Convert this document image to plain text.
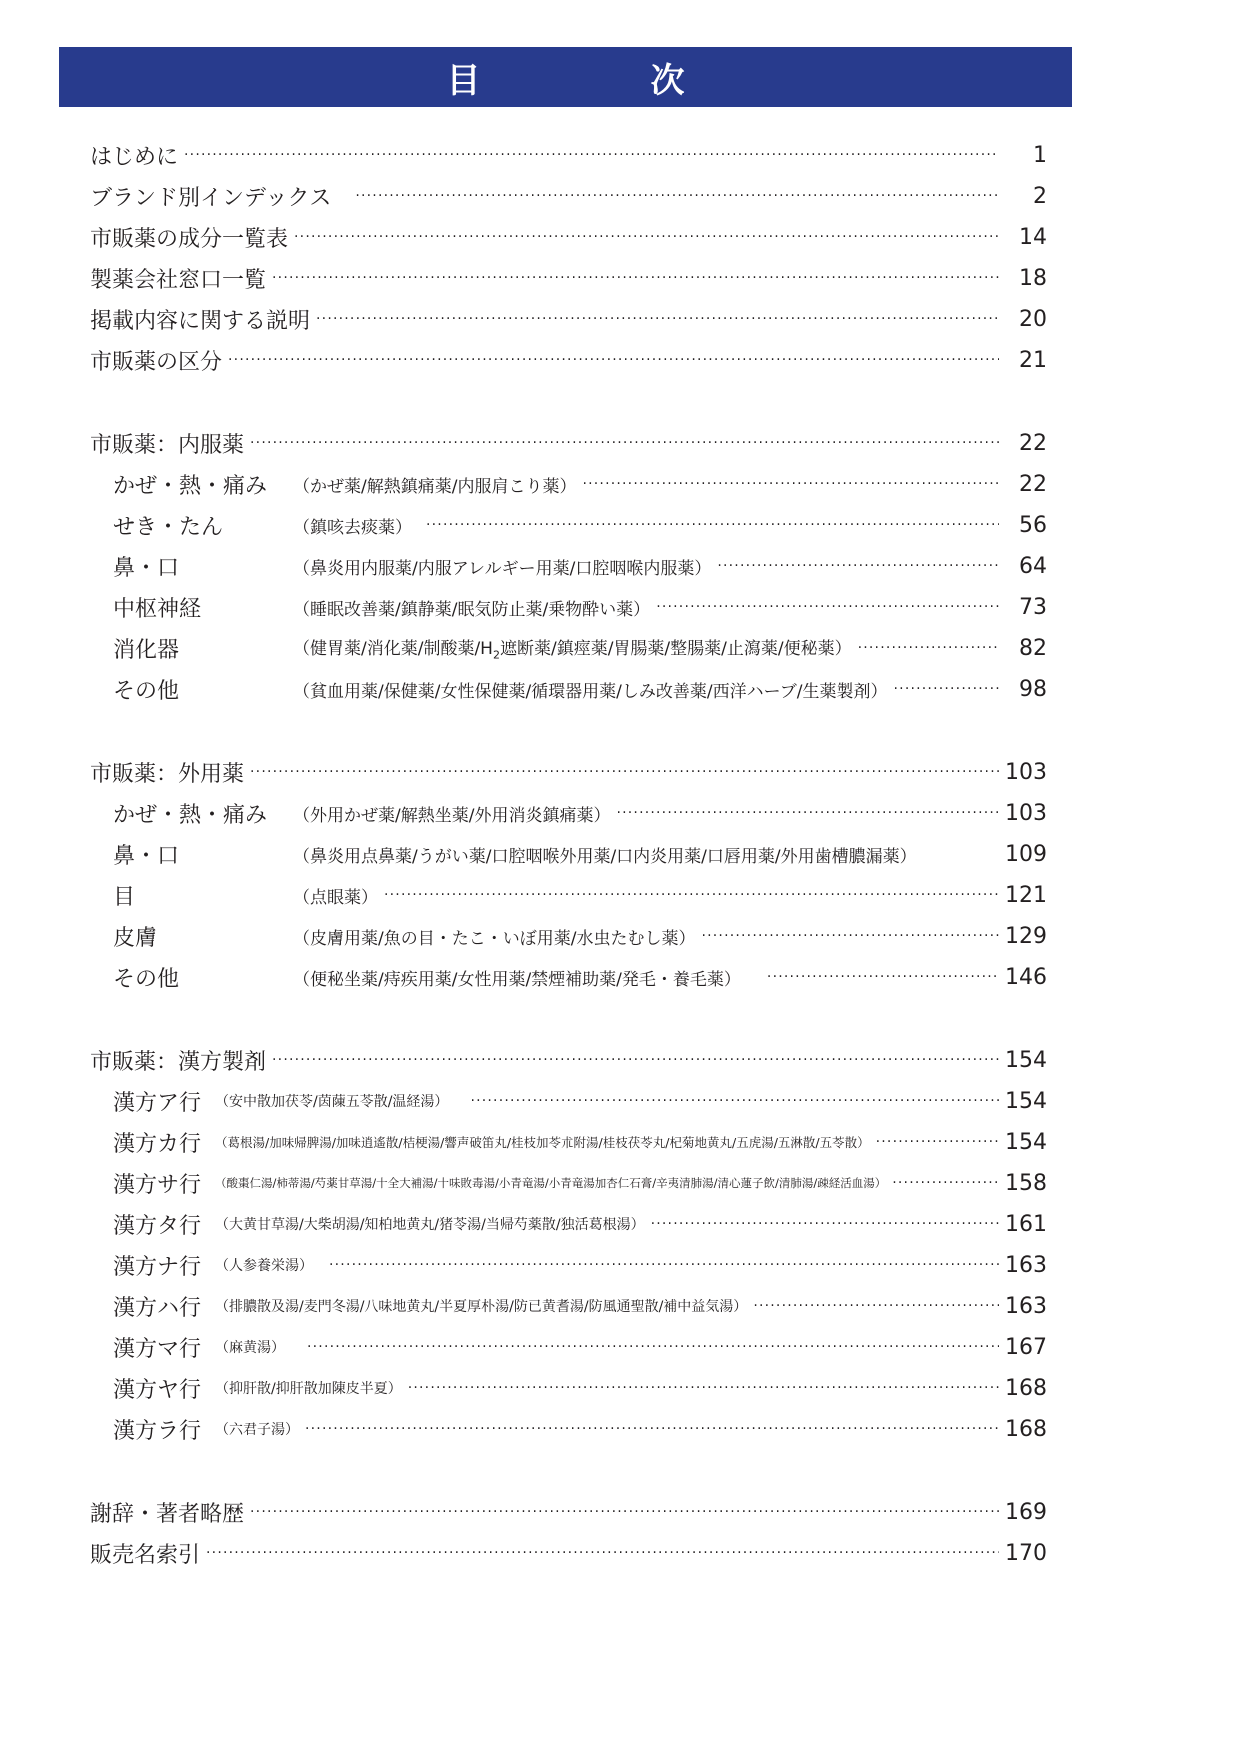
目	次
はじめに ·····	1
ブランド別インデックス ·····	2
市販薬の成分一覧表 ·····	14
製薬会社窓口一覧 ·····	18
掲載内容に関する説明 ·····	20
市販薬の区分 ·····	21
市販薬：内服薬 ·····	22
かぜ・熱・痛み	（かぜ薬/解熱鎮痛薬/内服肩こり薬） ·····	22
せき・たん	（鎮咳去痰薬） ·····	56
鼻・口	（鼻炎用内服薬/内服アレルギー用薬/口腔咽喉内服薬） ·····	64
中枢神経	（睡眠改善薬/鎮静薬/眠気防止薬/乗物酔い薬） ·····	73
消化器	（健胃薬/消化薬/制酸薬$/H_2$遮断薬/鎮痙薬/胃腸薬/整腸薬/止瀉薬/便秘薬） ·····	82
その他	（貧血用薬/保健薬/女性保健薬/循環器用薬/しみ改善薬/西洋ハーブ/生薬製剤） ·····	98
市販薬：外用薬 ·····	103
かぜ・熱・痛み	（外用かぜ薬/解熱坐薬/外用消炎鎮痛薬） ·····	103
鼻・口	（鼻炎用点鼻薬/うがい薬/口腔咽喉外用薬/口内炎用薬/口唇用薬/外用歯槽膿漏薬）	109
目	（点眼薬） ·····	121
皮膚	（皮膚用薬/魚の目・たこ・いぼ用薬/水虫たむし薬） ·····	129
その他	（便秘坐薬/痔疾用薬/女性用薬/禁煙補助薬/発毛・養毛薬） ·····	146
市販薬：漢方製剤 ·····	154
漢方ア行 （安中散加茯苓/茵蔯五苓散/温経湯） ·····	154
漢方カ行	（葛根湯/加味帰脾湯/加味逍遙散/桔梗湯/響声破笛丸/桂枝加苓朮附湯/桂枝茯苓丸/杞菊地黄丸/五虎湯/五淋散/五苓散） ·····	154
漢方サ行	（酸棗仁湯/柿蒂湯/芍薬甘草湯/十全大補湯/十味敗毒湯/小青竜湯/小青竜湯加杏仁石膏/辛夷清肺湯/清心蓮子飲/清肺湯/疎経活血湯） ·····	158
漢方タ行 （大黄甘草湯/大柴胡湯/知柏地黄丸/猪苓湯/当帰芍薬散/独活葛根湯） ·····	161
漢方ナ行 （人参養栄湯） ·····	163
漢方ハ行 （排膿散及湯/麦門冬湯/八味地黄丸/半夏厚朴湯/防已黄耆湯/防風通聖散/補中益気湯） ·····	163
漢方マ行 （麻黄湯） ·····	167
漢方ヤ行 （抑肝散/抑肝散加陳皮半夏） ·····	168
漢方ラ行 （六君子湯） ·····	168
謝辞・著者略歴 ·····	169
販売名索引 ·····	170
